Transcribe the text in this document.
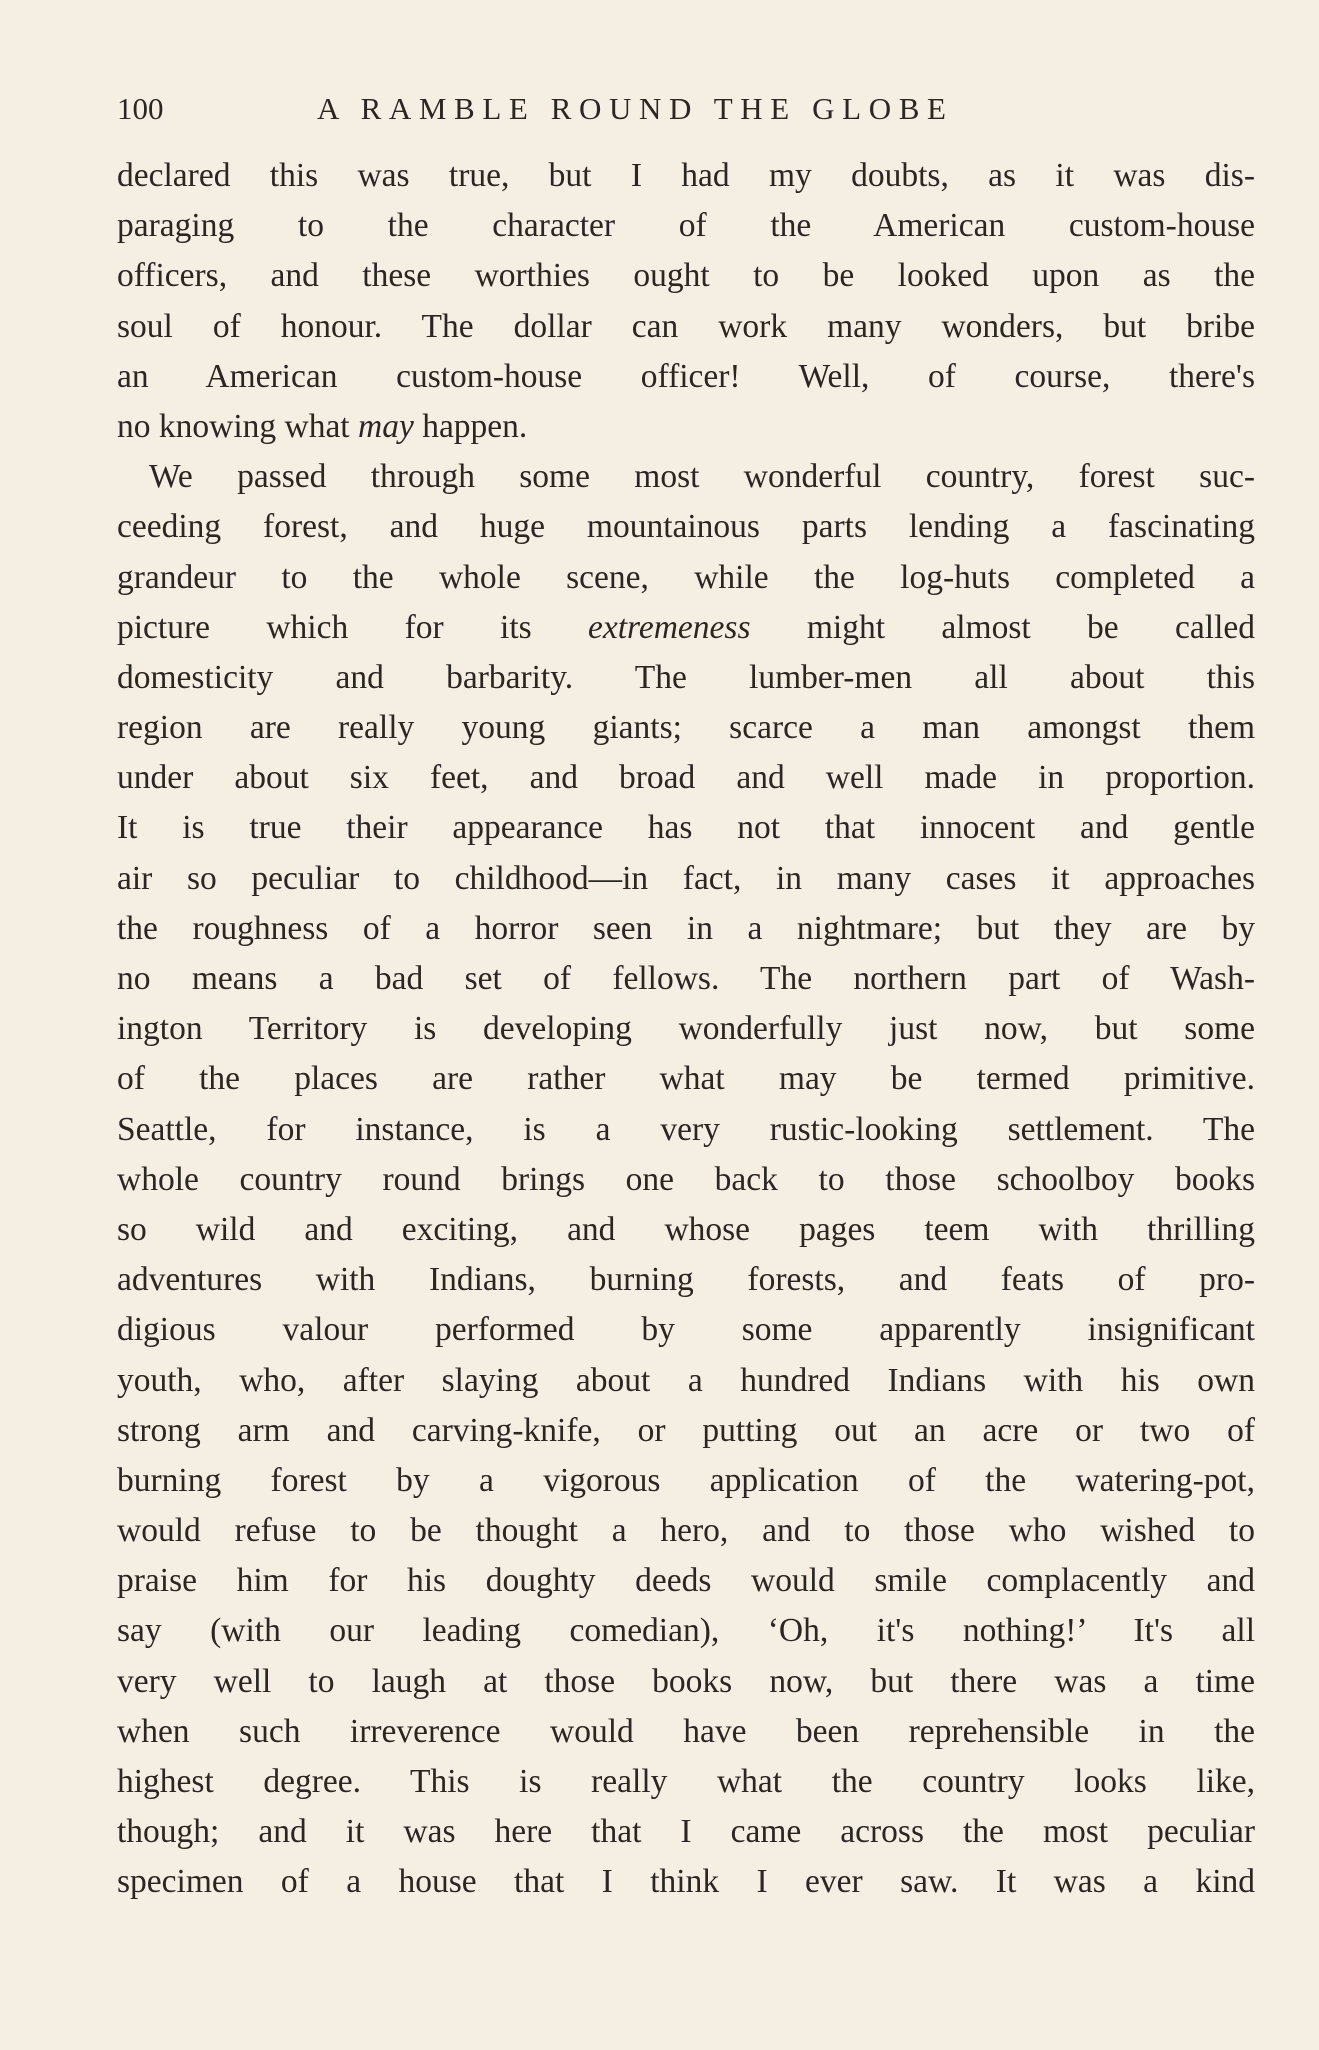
100	A RAMBLE ROUND THE GLOBE
declared this was true, but I had my doubts, as it was dis-
paraging to the character of the American custom-house
officers, and these worthies ought to be looked upon as the
soul of honour. The dollar can work many wonders, but bribe
an American custom-house officer! Well, of course, there's
no knowing what may happen.
We passed through some most wonderful country, forest suc-
ceeding forest, and huge mountainous parts lending a fascinating
grandeur to the whole scene, while the log-huts completed a
picture which for its extremeness might almost be called
domesticity and barbarity. The lumber-men all about this
region are really young giants; scarce a man amongst them
under about six feet, and broad and well made in proportion.
It is true their appearance has not that innocent and gentle
air so peculiar to childhood—in fact, in many cases it approaches
the roughness of a horror seen in a nightmare; but they are by
no means a bad set of fellows. The northern part of Wash-
ington Territory is developing wonderfully just now, but some
of the places are rather what may be termed primitive.
Seattle, for instance, is a very rustic-looking settlement. The
whole country round brings one back to those schoolboy books
so wild and exciting, and whose pages teem with thrilling
adventures with Indians, burning forests, and feats of pro-
digious valour performed by some apparently insignificant
youth, who, after slaying about a hundred Indians with his own
strong arm and carving-knife, or putting out an acre or two of
burning forest by a vigorous application of the watering-pot,
would refuse to be thought a hero, and to those who wished to
praise him for his doughty deeds would smile complacently and
say (with our leading comedian), ‘Oh, it's nothing!’ It's all
very well to laugh at those books now, but there was a time
when such irreverence would have been reprehensible in the
highest degree. This is really what the country looks like,
though; and it was here that I came across the most peculiar
specimen of a house that I think I ever saw. It was a kind
